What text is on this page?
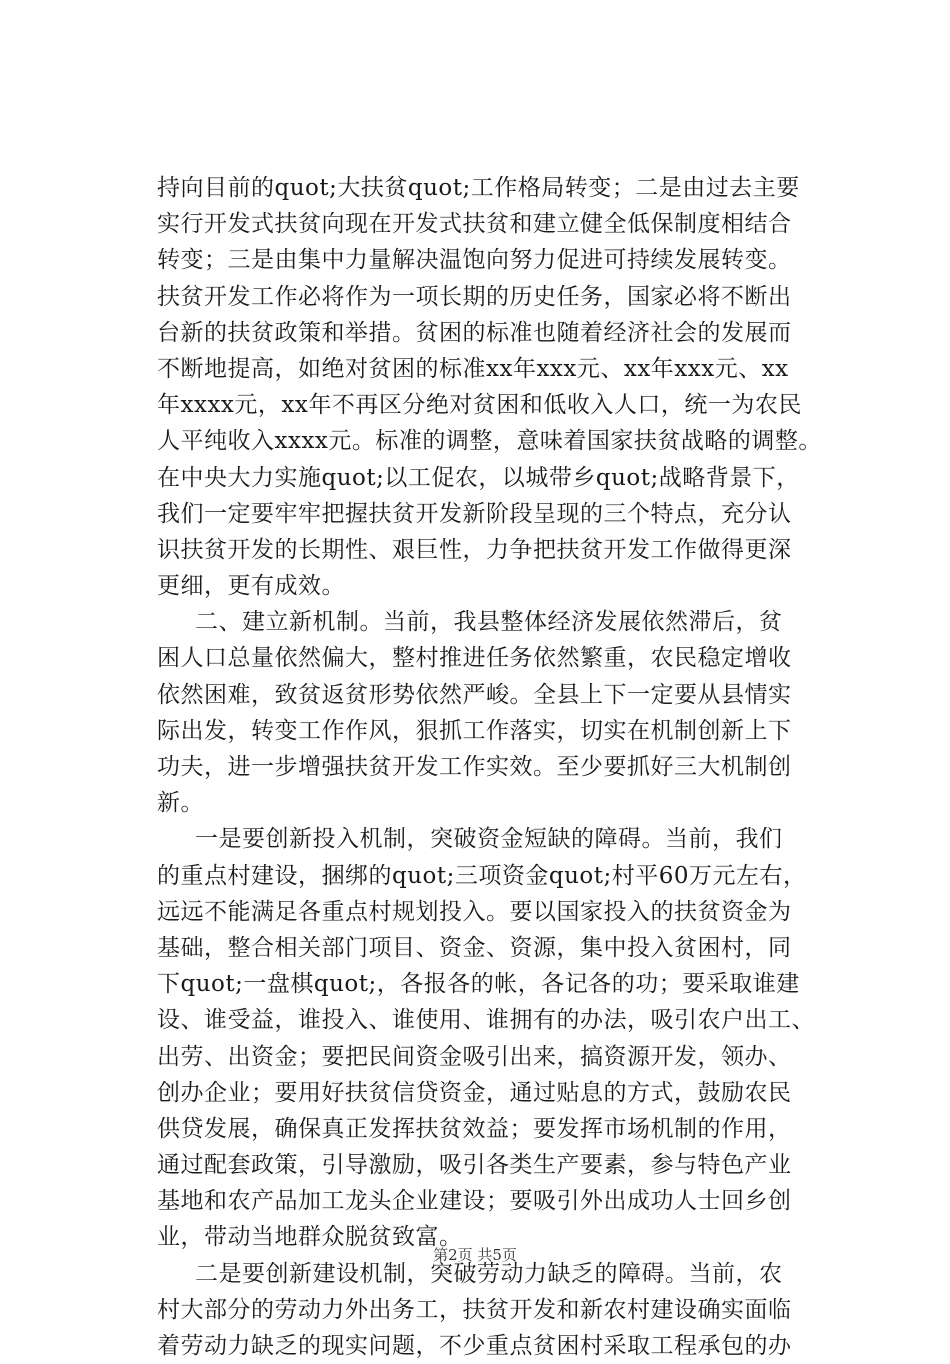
持向目前的quot;大扶贫quot;工作格局转变；二是由过去主要
实行开发式扶贫向现在开发式扶贫和建立健全低保制度相结合
转变；三是由集中力量解决温饱向努力促进可持续发展转变。
扶贫开发工作必将作为一项长期的历史任务，国家必将不断出
台新的扶贫政策和举措。贫困的标准也随着经济社会的发展而
不断地提高，如绝对贫困的标准xx年xxx元、xx年xxx元、xx
年xxxx元，xx年不再区分绝对贫困和低收入人口，统一为农民
人平纯收入xxxx元。标准的调整，意味着国家扶贫战略的调整。
在中央大力实施quot;以工促农，以城带乡quot;战略背景下，
我们一定要牢牢把握扶贫开发新阶段呈现的三个特点，充分认
识扶贫开发的长期性、艰巨性，力争把扶贫开发工作做得更深
更细，更有成效。
二、建立新机制。当前，我县整体经济发展依然滞后，贫
困人口总量依然偏大，整村推进任务依然繁重，农民稳定增收
依然困难，致贫返贫形势依然严峻。全县上下一定要从县情实
际出发，转变工作作风，狠抓工作落实，切实在机制创新上下
功夫，进一步增强扶贫开发工作实效。至少要抓好三大机制创
新。
一是要创新投入机制，突破资金短缺的障碍。当前，我们
的重点村建设，捆绑的quot;三项资金quot;村平60万元左右，
远远不能满足各重点村规划投入。要以国家投入的扶贫资金为
基础，整合相关部门项目、资金、资源，集中投入贫困村，同
下quot;一盘棋quot;，各报各的帐，各记各的功；要采取谁建
设、谁受益，谁投入、谁使用、谁拥有的办法，吸引农户出工、
出劳、出资金；要把民间资金吸引出来，搞资源开发，领办、
创办企业；要用好扶贫信贷资金，通过贴息的方式，鼓励农民
供贷发展，确保真正发挥扶贫效益；要发挥市场机制的作用，
通过配套政策，引导激励，吸引各类生产要素，参与特色产业
基地和农产品加工龙头企业建设；要吸引外出成功人士回乡创
业，带动当地群众脱贫致富。
二是要创新建设机制，突破劳动力缺乏的障碍。当前，农
村大部分的劳动力外出务工，扶贫开发和新农村建设确实面临
着劳动力缺乏的现实问题，不少重点贫困村采取工程承包的办
第2页 共5页
